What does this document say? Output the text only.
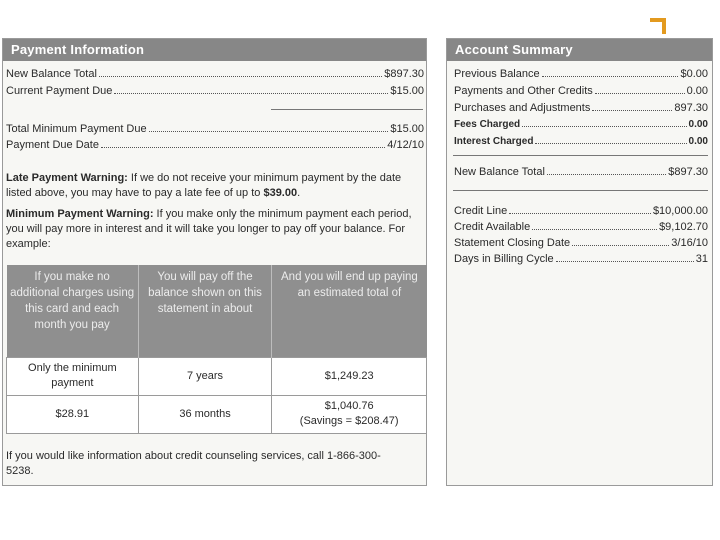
Payment Information
New Balance Total	$897.30
Current Payment Due	$15.00
Total Minimum Payment Due	$15.00
Payment Due Date	4/12/10
Late Payment Warning: If we do not receive your minimum payment by the date listed above, you may have to pay a late fee of up to $39.00.
Minimum Payment Warning: If you make only the minimum payment each period, you will pay more in interest and it will take you longer to pay off your balance. For example:
If you make no additional charges using this card and each month you pay	You will pay off the balance shown on this statement in about	And you will end up paying an estimated total of
Only the minimum payment	7 years	$1,249.23
$28.91	36 months	$1,040.76
(Savings = $208.47)
If you would like information about credit counseling services, call 1-866-300-5238.
Account Summary
Previous Balance	$0.00
Payments and Other Credits	0.00
Purchases and Adjustments	897.30
Fees Charged	0.00
Interest Charged	0.00
New Balance Total	$897.30
Credit Line	$10,000.00
Credit Available	$9,102.70
Statement Closing Date	3/16/10
Days in Billing Cycle	31
